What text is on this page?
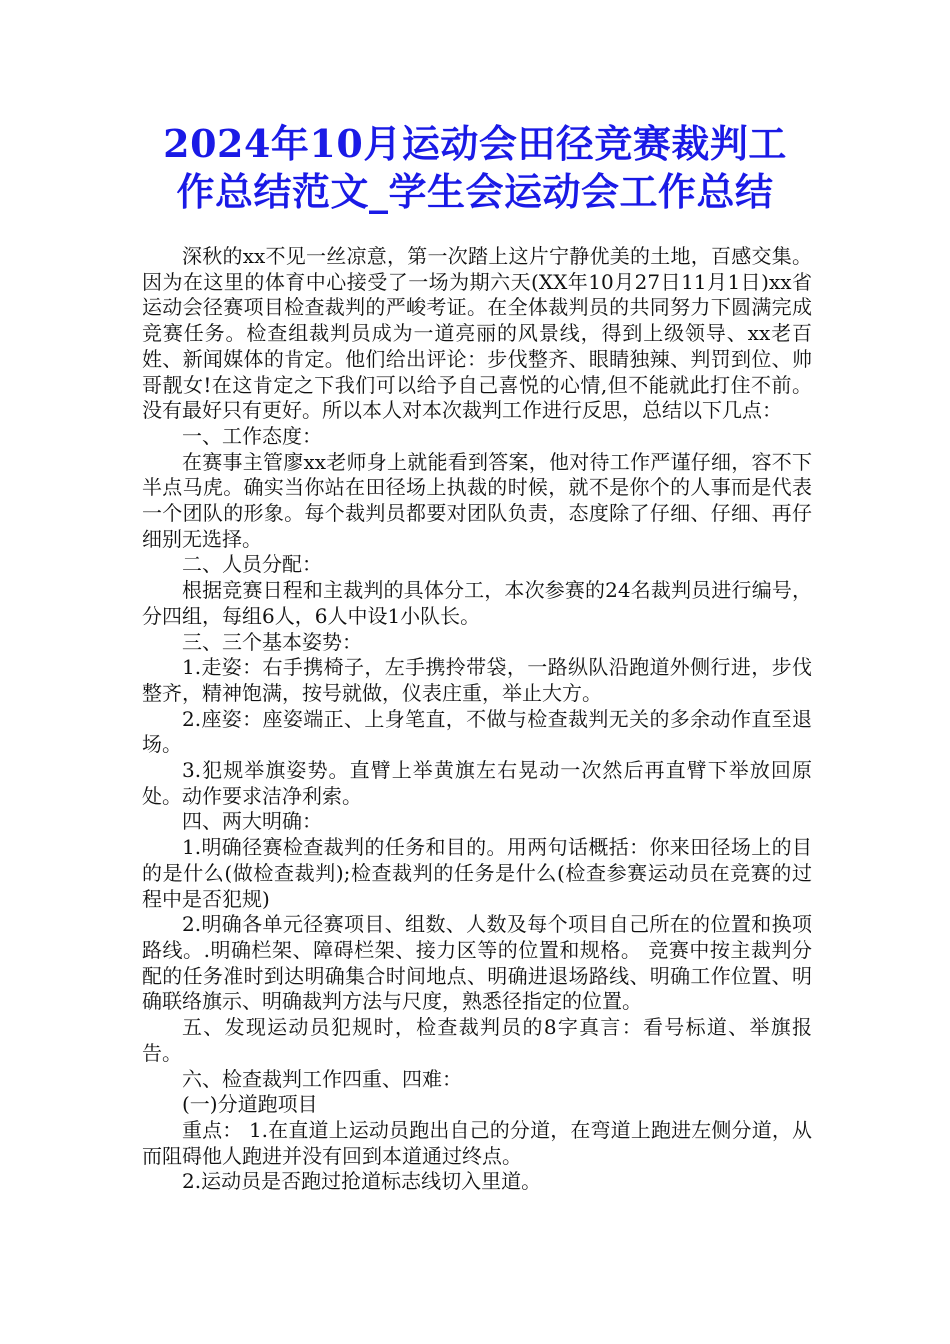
2024年10月运动会田径竞赛裁判工
作总结范文_学生会运动会工作总结

深秋的xx不见一丝凉意，第一次踏上这片宁静优美的土地，百感交集。因为在这里的体育中心接受了一场为期六天(XX年10月27日11月1日)xx省运动会径赛项目检查裁判的严峻考证。在全体裁判员的共同努力下圆满完成竞赛任务。检查组裁判员成为一道亮丽的风景线，得到上级领导、xx老百姓、新闻媒体的肯定。他们给出评论：步伐整齐、眼睛独辣、判罚到位、帅哥靓女!在这肯定之下我们可以给予自己喜悦的心情,但不能就此打住不前。没有最好只有更好。所以本人对本次裁判工作进行反思，总结以下几点：

一、工作态度：

在赛事主管廖xx老师身上就能看到答案，他对待工作严谨仔细，容不下半点马虎。确实当你站在田径场上执裁的时候，就不是你个的人事而是代表一个团队的形象。每个裁判员都要对团队负责，态度除了仔细、仔细、再仔细别无选择。

二、人员分配：

根据竞赛日程和主裁判的具体分工，本次参赛的24名裁判员进行编号，分四组，每组6人，6人中设1小队长。

三、三个基本姿势：

1.走姿：右手携椅子，左手携拎带袋，一路纵队沿跑道外侧行进，步伐整齐，精神饱满，按号就做，仪表庄重，举止大方。

2.座姿：座姿端正、上身笔直，不做与检查裁判无关的多余动作直至退场。

3.犯规举旗姿势。直臂上举黄旗左右晃动一次然后再直臂下举放回原处。动作要求洁净利索。

四、两大明确：

1.明确径赛检查裁判的任务和目的。用两句话概括：你来田径场上的目的是什么(做检查裁判);检查裁判的任务是什么(检查参赛运动员在竞赛的过程中是否犯规)

2.明确各单元径赛项目、组数、人数及每个项目自己所在的位置和换项路线。.明确栏架、障碍栏架、接力区等的位置和规格。 竞赛中按主裁判分配的任务准时到达明确集合时间地点、明确进退场路线、明确工作位置、明确联络旗示、明确裁判方法与尺度，熟悉径指定的位置。

五、发现运动员犯规时，检查裁判员的8字真言：看号标道、举旗报告。

六、检查裁判工作四重、四难：

(一)分道跑项目

重点： 1.在直道上运动员跑出自己的分道，在弯道上跑进左侧分道，从而阻碍他人跑进并没有回到本道通过终点。

2.运动员是否跑过抢道标志线切入里道。
